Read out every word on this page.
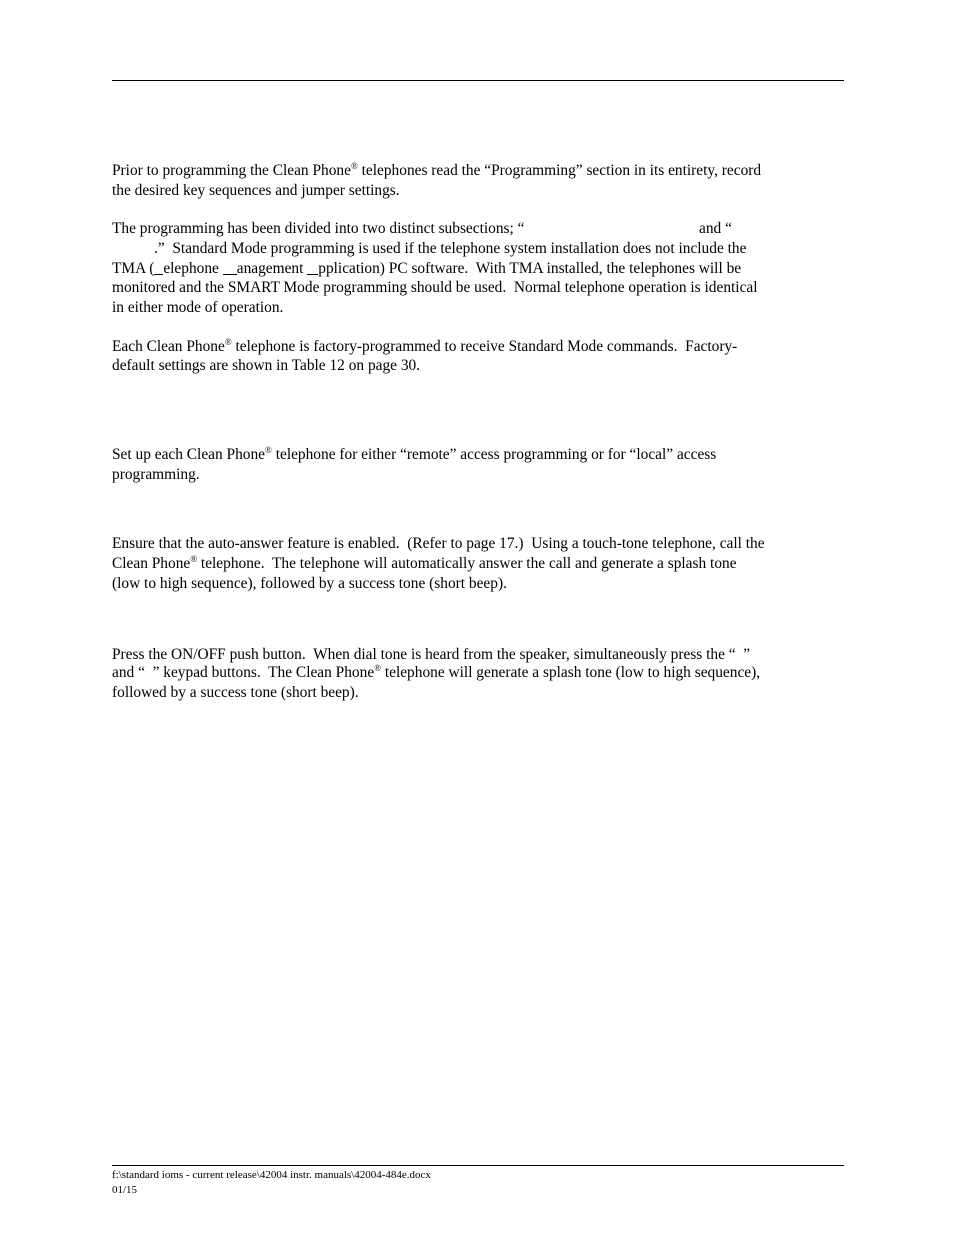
Prior to programming the Clean Phone® telephones read the “Programming” section in its entirety, record
the desired key sequences and jumper settings.
The programming has been divided into two distinct subsections; “	and “
.”  Standard Mode programming is used if the telephone system installation does not include the
TMA ( elephone anagement pplication) PC software.  With TMA installed, the telephones will be
monitored and the SMART Mode programming should be used.  Normal telephone operation is identical
in either mode of operation.
Each Clean Phone® telephone is factory-programmed to receive Standard Mode commands.  Factory-
default settings are shown in Table 12 on page 30.
Set up each Clean Phone® telephone for either “remote” access programming or for “local” access
programming.
Ensure that the auto-answer feature is enabled.  (Refer to page 17.)  Using a touch-tone telephone, call the
Clean Phone® telephone.  The telephone will automatically answer the call and generate a splash tone
(low to high sequence), followed by a success tone (short beep).
Press the ON/OFF push button.  When dial tone is heard from the speaker, simultaneously press the “  ”
and “  ” keypad buttons.  The Clean Phone® telephone will generate a splash tone (low to high sequence),
followed by a success tone (short beep).
f:\standard ioms - current release\42004 instr. manuals\42004-484e.docx
01/15
